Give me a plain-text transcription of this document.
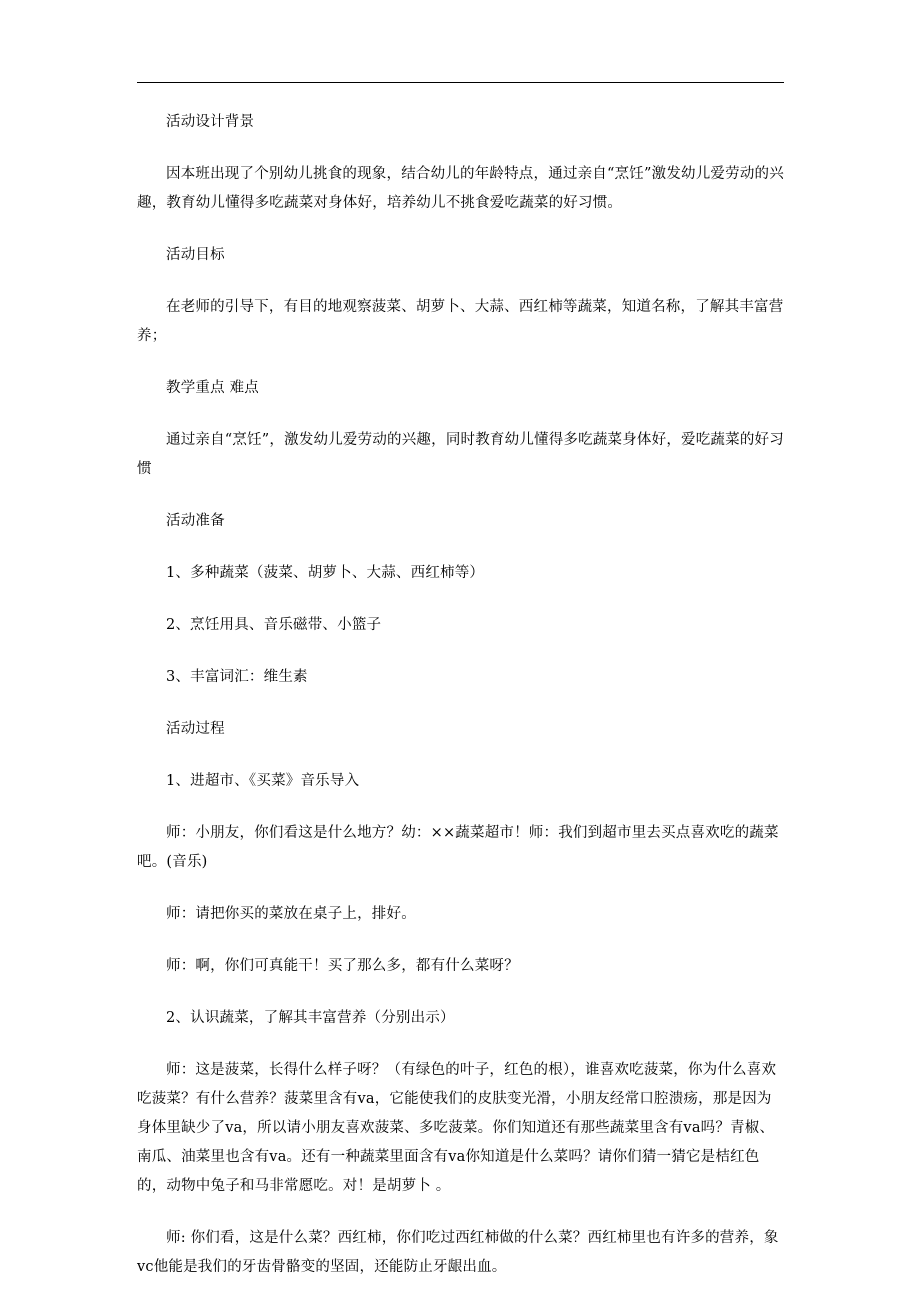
活动设计背景

因本班出现了个别幼儿挑食的现象，结合幼儿的年龄特点，通过亲自“烹饪”激发幼儿爱劳动的兴趣，教育幼儿懂得多吃蔬菜对身体好，培养幼儿不挑食爱吃蔬菜的好习惯。

活动目标

在老师的引导下，有目的地观察菠菜、胡萝卜、大蒜、西红柿等蔬菜，知道名称，了解其丰富营养；

教学重点 难点

通过亲自“烹饪”，激发幼儿爱劳动的兴趣，同时教育幼儿懂得多吃蔬菜身体好，爱吃蔬菜的好习惯

活动准备

1、多种蔬菜（菠菜、胡萝卜、大蒜、西红柿等）

2、烹饪用具、音乐磁带、小篮子

3、丰富词汇：维生素

活动过程

1、进超市、《买菜》音乐导入

师：小朋友，你们看这是什么地方？幼：××蔬菜超市！师：我们到超市里去买点喜欢吃的蔬菜吧。(音乐)

师：请把你买的菜放在桌子上，排好。

师：啊，你们可真能干！买了那么多，都有什么菜呀？

2、认识蔬菜，了解其丰富营养（分别出示）

师：这是菠菜，长得什么样子呀？（有绿色的叶子，红色的根），谁喜欢吃菠菜，你为什么喜欢吃菠菜？有什么营养？菠菜里含有va，它能使我们的皮肤变光滑，小朋友经常口腔溃疡，那是因为身体里缺少了va，所以请小朋友喜欢菠菜、多吃菠菜。你们知道还有那些蔬菜里含有va吗？青椒、南瓜、油菜里也含有va。还有一种蔬菜里面含有va你知道是什么菜吗？请你们猜一猜它是桔红色的，动物中兔子和马非常愿吃。对！是胡萝卜 。

师: 你们看，这是什么菜？西红柿，你们吃过西红柿做的什么菜？西红柿里也有许多的营养，象vc他能是我们的牙齿骨骼变的坚固，还能防止牙龈出血。
